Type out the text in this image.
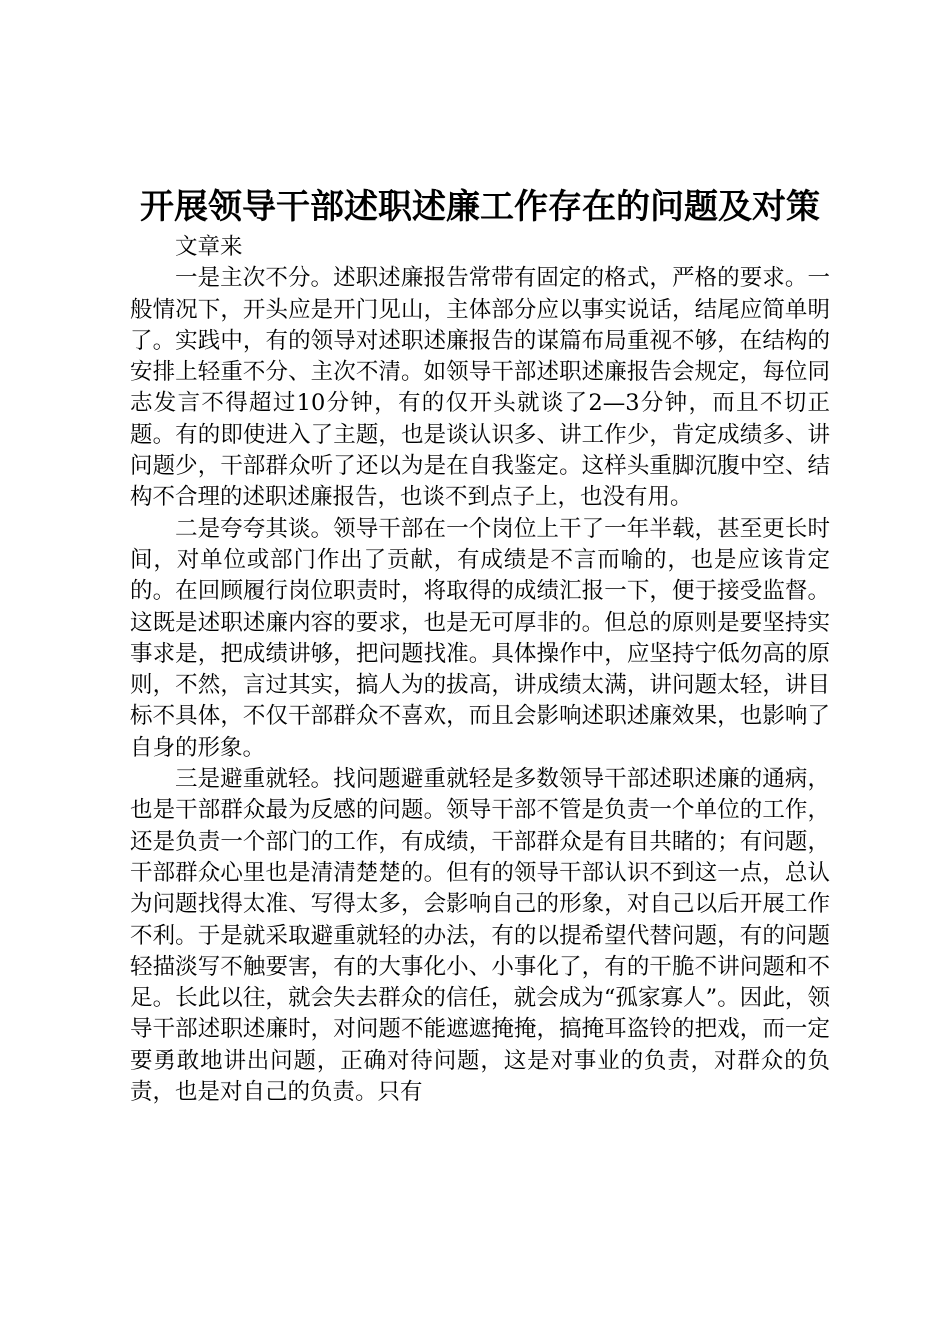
开展领导干部述职述廉工作存在的问题及对策

文章来

一是主次不分。述职述廉报告常带有固定的格式，严格的要求。一般情况下，开头应是开门见山，主体部分应以事实说话，结尾应简单明了。实践中，有的领导对述职述廉报告的谋篇布局重视不够，在结构的安排上轻重不分、主次不清。如领导干部述职述廉报告会规定，每位同志发言不得超过10分钟，有的仅开头就谈了2—3分钟，而且不切正题。有的即使进入了主题，也是谈认识多、讲工作少，肯定成绩多、讲问题少，干部群众听了还以为是在自我鉴定。这样头重脚沉腹中空、结构不合理的述职述廉报告，也谈不到点子上，也没有用。

二是夸夸其谈。领导干部在一个岗位上干了一年半载，甚至更长时间，对单位或部门作出了贡献，有成绩是不言而喻的，也是应该肯定的。在回顾履行岗位职责时，将取得的成绩汇报一下，便于接受监督。这既是述职述廉内容的要求，也是无可厚非的。但总的原则是要坚持实事求是，把成绩讲够，把问题找准。具体操作中，应坚持宁低勿高的原则，不然，言过其实，搞人为的拔高，讲成绩太满，讲问题太轻，讲目标不具体，不仅干部群众不喜欢，而且会影响述职述廉效果，也影响了自身的形象。

三是避重就轻。找问题避重就轻是多数领导干部述职述廉的通病，也是干部群众最为反感的问题。领导干部不管是负责一个单位的工作，还是负责一个部门的工作，有成绩，干部群众是有目共睹的；有问题，干部群众心里也是清清楚楚的。但有的领导干部认识不到这一点，总认为问题找得太准、写得太多，会影响自己的形象，对自己以后开展工作不利。于是就采取避重就轻的办法，有的以提希望代替问题，有的问题轻描淡写不触要害，有的大事化小、小事化了，有的干脆不讲问题和不足。长此以往，就会失去群众的信任，就会成为“孤家寡人”。因此，领导干部述职述廉时，对问题不能遮遮掩掩，搞掩耳盗铃的把戏，而一定要勇敢地讲出问题，正确对待问题，这是对事业的负责，对群众的负责，也是对自己的负责。只有
